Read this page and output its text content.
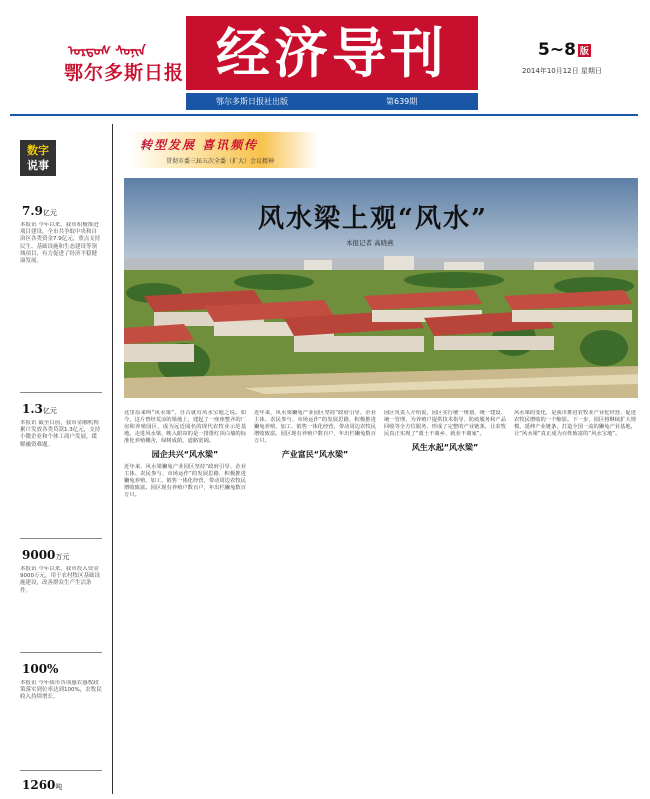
ᠣᠷᠳᠣᠰ ᠰᠣᠨᠢᠨ
鄂尔多斯日报 经济导刊	5~8 版
2014年10月12日 星期日
鄂尔多斯日报社出版	第639期
数字
说事
7.9亿元
本报讯 今年以来，我市积极推进项目建设，全市共争取中央和自治区各类资金7.9亿元，重点支持民生、基础设施和生态建设等领域项目，有力促进了经济平稳健康发展。
1.3亿元
本报讯 截至目前，我市金融机构累计发放各类贷款1.3亿元，支持小微企业和个体工商户发展，缓解融资难题。
9000万元
本报讯 今年以来，我市投入资金9000万元，用于农村牧区基础设施建设，改善群众生产生活条件。
100%
本报讯 今年我市各项惠农惠牧政策落实到位率达到100%，农牧民收入持续增长。
1260吨
转型发展 喜讯频传
贯彻市委三届五次全委（扩大）会议精神
风水梁上观“风水”
本报记者 高晓燕
这里原来叫“风水梁”，自古就有风水宝地之说。如今，这片曾经荒凉的梁地上，建起了一座座整齐的厂房和养殖园区，成为远近闻名的现代农牧业示范基地。走进风水梁，映入眼帘的是一排排红顶白墙的标准化养殖棚舍，绿树成荫，道路宽阔。
园企共兴“风水梁”
近年来，风水梁獭兔产业园区坚持“政府引导、企业主体、农民参与、市场运作”的发展思路，积极推进獭兔养殖、加工、销售一体化经营，带动周边农牧民增收致富。园区现有养殖户数百户，年出栏獭兔数百万只。
近年来，风水梁獭兔产业园区坚持“政府引导、企业主体、农民参与、市场运作”的发展思路，积极推进獭兔养殖、加工、销售一体化经营，带动周边农牧民增收致富。园区现有养殖户数百户，年出栏獭兔数百万只。
产业富民“风水梁”
园区负责人介绍说，园区实行统一规划、统一建设、统一管理，为养殖户提供技术指导、防疫服务和产品回收等全方位服务，形成了完整的产业链条，让农牧民真正实现了“离土不离乡、就业不离家”。
风生水起“风水梁”
风水梁的变化，是我市推进农牧业产业化经营、促进农牧民增收的一个缩影。下一步，园区将继续扩大规模，延伸产业链条，打造全国一流的獭兔产业基地，让“风水梁”真正成为百姓致富的“风水宝地”。
